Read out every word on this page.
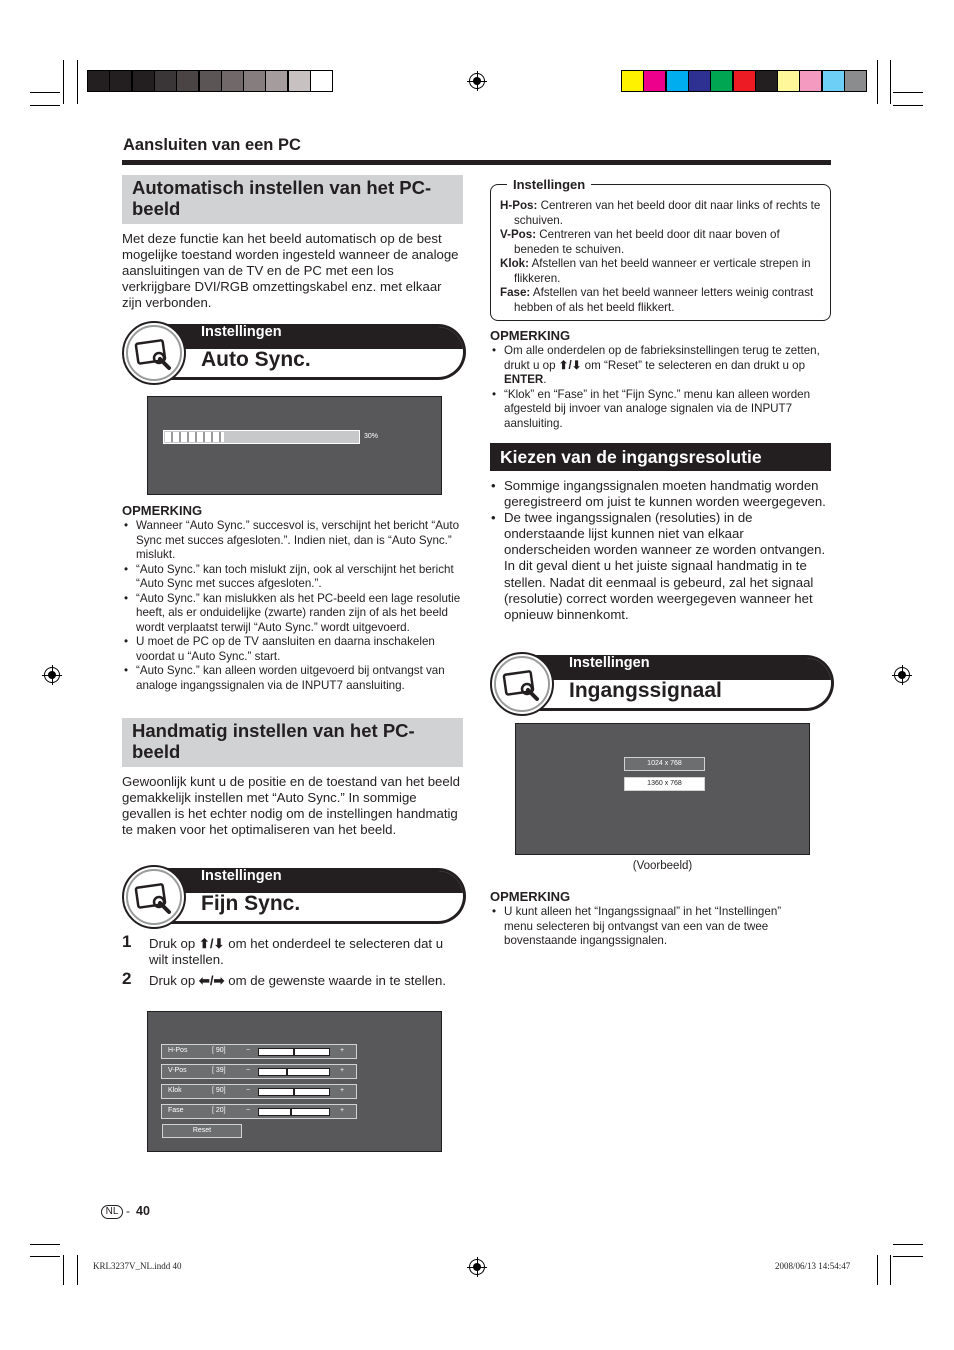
Aansluiten van een PC
Automatisch instellen van het PC-beeld
Met deze functie kan het beeld automatisch op de best mogelijke toestand worden ingesteld wanneer de analoge aansluitingen van de TV en de PC met een los verkrijgbare DVI/RGB omzettingskabel enz. met elkaar zijn verbonden.
Instellingen
Auto Sync.
30%
OPMERKING
• Wanneer “Auto Sync.” succesvol is, verschijnt het bericht “Auto Sync met succes afgesloten.”. Indien niet, dan is “Auto Sync.” mislukt.
• “Auto Sync.” kan toch mislukt zijn, ook al verschijnt het bericht “Auto Sync met succes afgesloten.”.
• “Auto Sync.” kan mislukken als het PC-beeld een lage resolutie heeft, als er onduidelijke (zwarte) randen zijn of als het beeld wordt verplaatst terwijl “Auto Sync.” wordt uitgevoerd.
• U moet de PC op de TV aansluiten en daarna inschakelen voordat u “Auto Sync.” start.
• “Auto Sync.” kan alleen worden uitgevoerd bij ontvangst van analoge ingangssignalen via de INPUT7 aansluiting.
Handmatig instellen van het PC-beeld
Gewoonlijk kunt u de positie en de toestand van het beeld gemakkelijk instellen met “Auto Sync.” In sommige gevallen is het echter nodig om de instellingen handmatig te maken voor het optimaliseren van het beeld.
Instellingen
Fijn Sync.
1 Druk op ⬆/⬇ om het onderdeel te selecteren dat u wilt instellen.
2 Druk op ⬅/➡ om de gewenste waarde in te stellen.
H-Pos	[ 90]	−	+
V-Pos	[ 39]	−	+
Klok	[ 90]	−	+
Fase	[ 20]	−	+
Reset
Instellingen
H-Pos: Centreren van het beeld door dit naar links of rechts te schuiven.
V-Pos: Centreren van het beeld door dit naar boven of beneden te schuiven.
Klok: Afstellen van het beeld wanneer er verticale strepen in flikkeren.
Fase: Afstellen van het beeld wanneer letters weinig contrast hebben of als het beeld flikkert.
OPMERKING
• Om alle onderdelen op de fabrieksinstellingen terug te zetten, drukt u op ⬆/⬇ om “Reset” te selecteren en dan drukt u op ENTER.
• “Klok” en “Fase” in het “Fijn Sync.” menu kan alleen worden afgesteld bij invoer van analoge signalen via de INPUT7 aansluiting.
Kiezen van de ingangsresolutie
• Sommige ingangssignalen moeten handmatig worden geregistreerd om juist te kunnen worden weergegeven.
• De twee ingangssignalen (resoluties) in de onderstaande lijst kunnen niet van elkaar onderscheiden worden wanneer ze worden ontvangen. In dit geval dient u het juiste signaal handmatig in te stellen. Nadat dit eenmaal is gebeurd, zal het signaal (resolutie) correct worden weergegeven wanneer het opnieuw binnenkomt.
Instellingen
Ingangssignaal
1024 x 768
1360 x 768
(Voorbeeld)
OPMERKING
• U kunt alleen het “Ingangssignaal” in het “Instellingen” menu selecteren bij ontvangst van een van de twee bovenstaande ingangssignalen.
NL - 40
KRL3237V_NL.indd 40	2008/06/13 14:54:47
